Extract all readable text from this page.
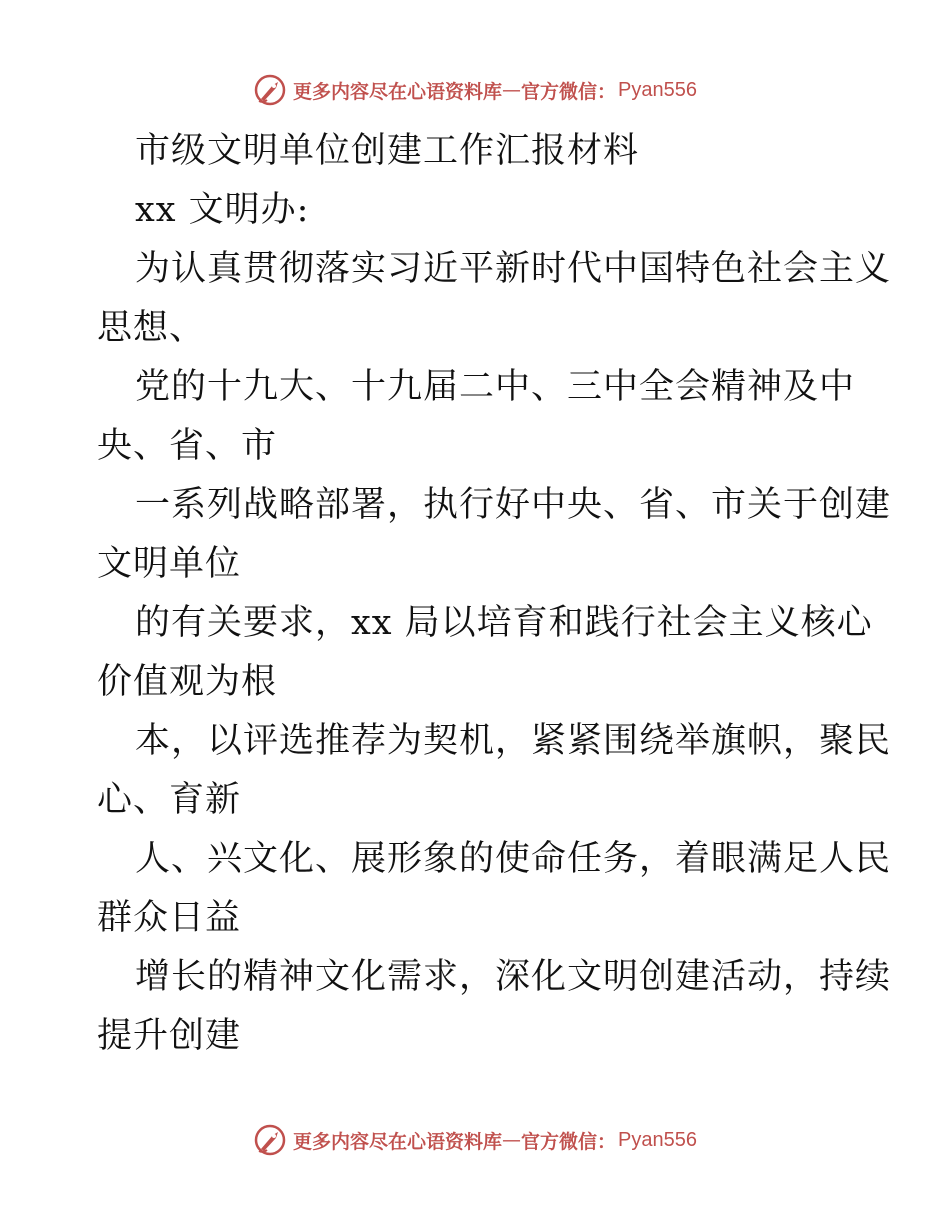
更多内容尽在心语资料库 — 官方微信： Pyan556
市级文明单位创建工作汇报材料
xx 文明办:
为认真贯彻落实习近平新时代中国特色社会主义
思想、
党的十九大、十九届二中、三中全会精神及中
央、省、市
一系列战略部署，执行好中央、省、市关于创建
文明单位
的有关要求，xx 局以培育和践行社会主义核心
价值观为根
本，以评选推荐为契机，紧紧围绕举旗帜，聚民
心、育新
人、兴文化、展形象的使命任务，着眼满足人民
群众日益
增长的精神文化需求，深化文明创建活动，持续
提升创建
更多内容尽在心语资料库 — 官方微信： Pyan556
